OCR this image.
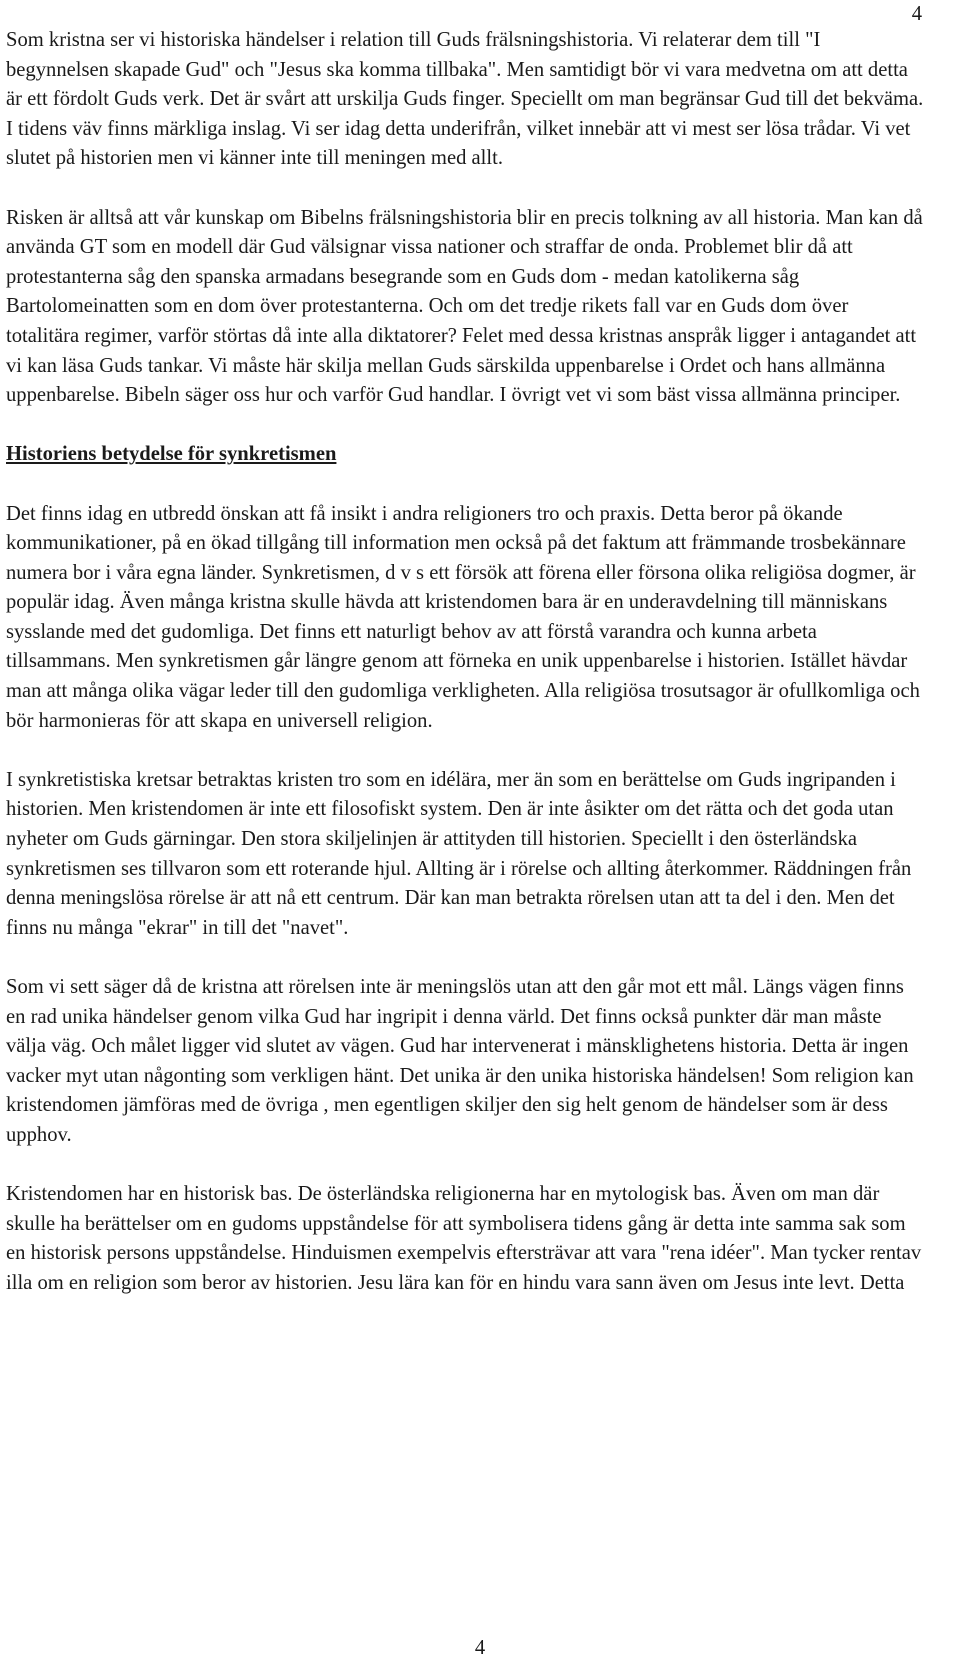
4

Som kristna ser vi historiska händelser i relation till Guds frälsningshistoria. Vi relaterar dem till "I begynnelsen skapade Gud" och "Jesus ska komma tillbaka". Men samtidigt bör vi vara medvetna om att detta är ett fördolt Guds verk. Det är svårt att urskilja Guds finger. Speciellt om man begränsar Gud till det bekväma. I tidens väv finns märkliga inslag. Vi ser idag detta underifrån, vilket innebär att vi mest ser lösa trådar. Vi vet slutet på historien men vi känner inte till meningen med allt.

Risken är alltså att vår kunskap om Bibelns frälsningshistoria blir en precis tolkning av all historia. Man kan då använda GT som en modell där Gud välsignar vissa nationer och straffar de onda. Problemet blir då att protestanterna såg den spanska armadans besegrande som en Guds dom - medan katolikerna såg Bartolomeinatten som en dom över protestanterna. Och om det tredje rikets fall var en Guds dom över totalitära regimer, varför störtas då inte alla diktatorer? Felet med dessa kristnas anspråk ligger i antagandet att vi kan läsa Guds tankar. Vi måste här skilja mellan Guds särskilda uppenbarelse i Ordet och hans allmänna uppenbarelse. Bibeln säger oss hur och varför Gud handlar. I övrigt vet vi som bäst vissa allmänna principer.

Historiens betydelse för synkretismen

Det finns idag en utbredd önskan att få insikt i andra religioners tro och praxis. Detta beror på ökande kommunikationer, på en ökad tillgång till information men också på det faktum att främmande trosbekännare numera bor i våra egna länder. Synkretismen, d v s ett försök att förena eller försona olika religiösa dogmer, är populär idag. Även många kristna skulle hävda att kristendomen bara är en underavdelning till människans sysslande med det gudomliga. Det finns ett naturligt behov av att förstå varandra och kunna arbeta tillsammans. Men synkretismen går längre genom att förneka en unik uppenbarelse i historien. Istället hävdar man att många olika vägar leder till den gudomliga verkligheten. Alla religiösa trosutsagor är ofullkomliga och bör harmonieras för att skapa en universell religion.

I synkretistiska kretsar betraktas kristen tro som en idélära, mer än som en berättelse om Guds ingripanden i historien. Men kristendomen är inte ett filosofiskt system. Den är inte åsikter om det rätta och det goda utan nyheter om Guds gärningar. Den stora skiljelinjen är attityden till historien. Speciellt i den österländska synkretismen ses tillvaron som ett roterande hjul. Allting är i rörelse och allting återkommer. Räddningen från denna meningslösa rörelse är att nå ett centrum. Där kan man betrakta rörelsen utan att ta del i den. Men det finns nu många "ekrar" in till det "navet".

Som vi sett säger då de kristna att rörelsen inte är meningslös utan att den går mot ett mål. Längs vägen finns en rad unika händelser genom vilka Gud har ingripit i denna värld. Det finns också punkter där man måste välja väg. Och målet ligger vid slutet av vägen. Gud har intervenerat i mänsklighetens historia. Detta är ingen vacker myt utan någonting som verkligen hänt. Det unika är den unika historiska händelsen! Som religion kan kristendomen jämföras med de övriga , men egentligen skiljer den sig helt genom de händelser som är dess upphov.

Kristendomen har en historisk bas. De österländska religionerna har en mytologisk bas. Även om man där skulle ha berättelser om en gudoms uppståndelse för att symbolisera tidens gång är detta inte samma sak som en historisk persons uppståndelse. Hinduismen exempelvis eftersträvar att vara "rena idéer". Man tycker rentav illa om en religion som beror av historien. Jesu lära kan för en hindu vara sann även om Jesus inte levt. Detta

4
